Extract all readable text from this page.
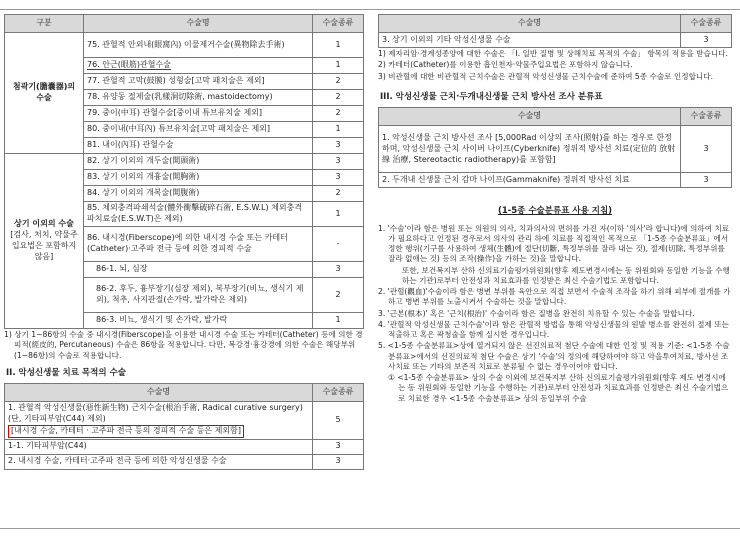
구분	수술명	수술종류
첨곽기(膽嚢器)의 수술	75. 관혈적 안외내(眼窩內) 이물제거수술(異物除去手術)	1
	76. 안근(眼筋)관혈수술	1
	77. 관혈적 고막(鼓膜) 성형술[고막 패치술은 제외]	2
	78. 유양동 절제술(乳樣洞切除術, mastoidectomy)	2
	79. 중이(中耳) 관혈수술[중이내 튜브유치술 제외]	2
	80. 중이내(中耳內) 튜브유치술[고막 패치술은 제외]	1
	81. 내이(內耳) 관혈수술	3

상기 이외의 수술
[검사, 처치, 약물주입요법은 포함하지 않음]	82. 상기 이외의 개두술(開頭術)	3
	83. 상기 이외의 개흉술(開胸術)	3
	84. 상기 이외의 개복술(開腹術)	2
	85. 체외충격파쇄석술(體外衝擊破碎石術, E.S.W.L) 체외충격파치료술(E.S.W.T)은 제외)	1
	86. 내시경(Fiberscope)에 의한 내시경 수술 또는 카테터(Catheter)·고주파 전극 등에 의한 경피적 수술	-
	86-1. 뇌, 심장	3
	86-2. 후두, 흉부장기(심장 제외), 복부장기(비뇨, 생식기 제외), 척추, 사지관절(손가락, 발가락은 제외)	2
	86-3. 비뇨, 생식기 및 손가락, 발가락	1
1) 상기 1~86항의 수술 중 내시경(Fiberscope)을 이용한 내시경 수술 또는 카테터(Catheter) 등에 의한 경피적(經皮的, Percutaneous) 수술은 86항을 적용합니다. 다만, 복강경·흉강경에 의한 수술은 해당부위(1~86항)의 수술로 적용합니다.
II. 악성신생물 치료 목적의 수술
수술명	수술종류

1. 관혈적 악성신생물(惡性新生物) 근치수술(根治手術, Radical curative surgery)(단, 기타피부암(C44) 제외)
[내시경 수술, 카테터 · 고주파 전극 등의 경피적 수술 등은 제외함]	5
1-1. 기타피부암(C44)	3
2. 내시경 수술, 카테터·고주파 전극 등에 의한 악성신생물 수술	3
수술명	수술종류
3. 상기 이외의 기타 악성신생물 수술	3
1) 제자리암·경계성종양에 대한 수술은 「I. 일반 질병 및 상해치료 목적의 수술」 항목의 적용을 받습니다.
2) 카테터(Catheter)를 이용한 흡인천자·약물주입요법은 포함하지 않습니다.
3) 비관혈에 대한 비관혈적 근치수술은 관혈적 악성신생물 근치수술에 준하여 5종 수술로 인정합니다.
III. 악성신생물 근치·두개내신생물 근치 방사선 조사 분류표
수술명	수술종류
1. 악성신생물 근치 방사선 조사 [5,000Rad 이상의 조사(照射)를 하는 경우로 한정하며, 악성신생물 근치 사이버 나이프(Cyberknife) 정위적 방사선 치료(定位的 放射線 治療, Stereotactic radiotherapy)를 포함함]	3
2. 두개내 신생물 근치 감마 나이프(Gammaknife) 정위적 방사선 치료	3
(1-5종 수술분류표 사용 지침)
1. '수술'이라 함은 병원 또는 의원의 의사, 치과의사의 면허를 가진 자(이하 '의사'라 합니다)에 의하여 치료가 필요하다고 인정된 경우로서 의사의 관리 하에 치료를 직접적인 목적으로 「1-5종 수술분류표」에서 정한 행위(기구를 사용하여 생체(生體)에 절단(切斷, 특정부위를 잘라 내는 것), 절제(切除, 특정부위를 잘라 없애는 것) 등의 조작(操作)을 가하는 것)을 말합니다.
또한, 보건복지부 산하 신의료기술평가위원회(향후 제도변경시에는 동 위원회와 동일한 기능을 수행하는 기관)로부터 안전성과 치료효과를 인정받은 최신 수술기법도 포함합니다.
2. '관혈(觀血)'수술이라 함은 병변 부위를 육안으로 직접 보면서 수술적 조작을 하기 위해 피부에 절개를 가하고 병변 부위를 노출시켜서 수술하는 것을 말합니다.
3. '근본(根本)' 혹은 '근치(根治)' 수술이라 함은 질병을 완전히 치유할 수 있는 수술을 말합니다.
4. '관혈적 악성신생물 근치수술'이라 함은 관혈적 방법을 통해 악성신생물의 원발 병소를 완전히 절제 또는 적출하고 혹은 곽청술을 함께 실시한 경우입니다.
5. <1-5종 수술분류표>상에 열거되지 않은 선진의료적 첨단 수술에 대한 인정 및 적용 기준: <1-5종 수술분류표>에서의 선진의료적 첨단 수술은 상기 '수술'의 정의에 해당하여야 하고 악을투여치료, 방사선 조사치료 또는 기타의 보존적 치료로 분류될 수 없는 경우이어야 합니다.
① <1-5종 수술분류표> 상의 수술 이외에 보건복지부 산하 신의료기술평가위원회(향후 제도 변경시에는 동 위원회와 동일한 기능을 수행하는 기관)로부터 안전성과 치료효과를 인정받은 최신 수술기법으로 치료한 경우 <1-5종 수술분류표> 상의 동일부위 수술
